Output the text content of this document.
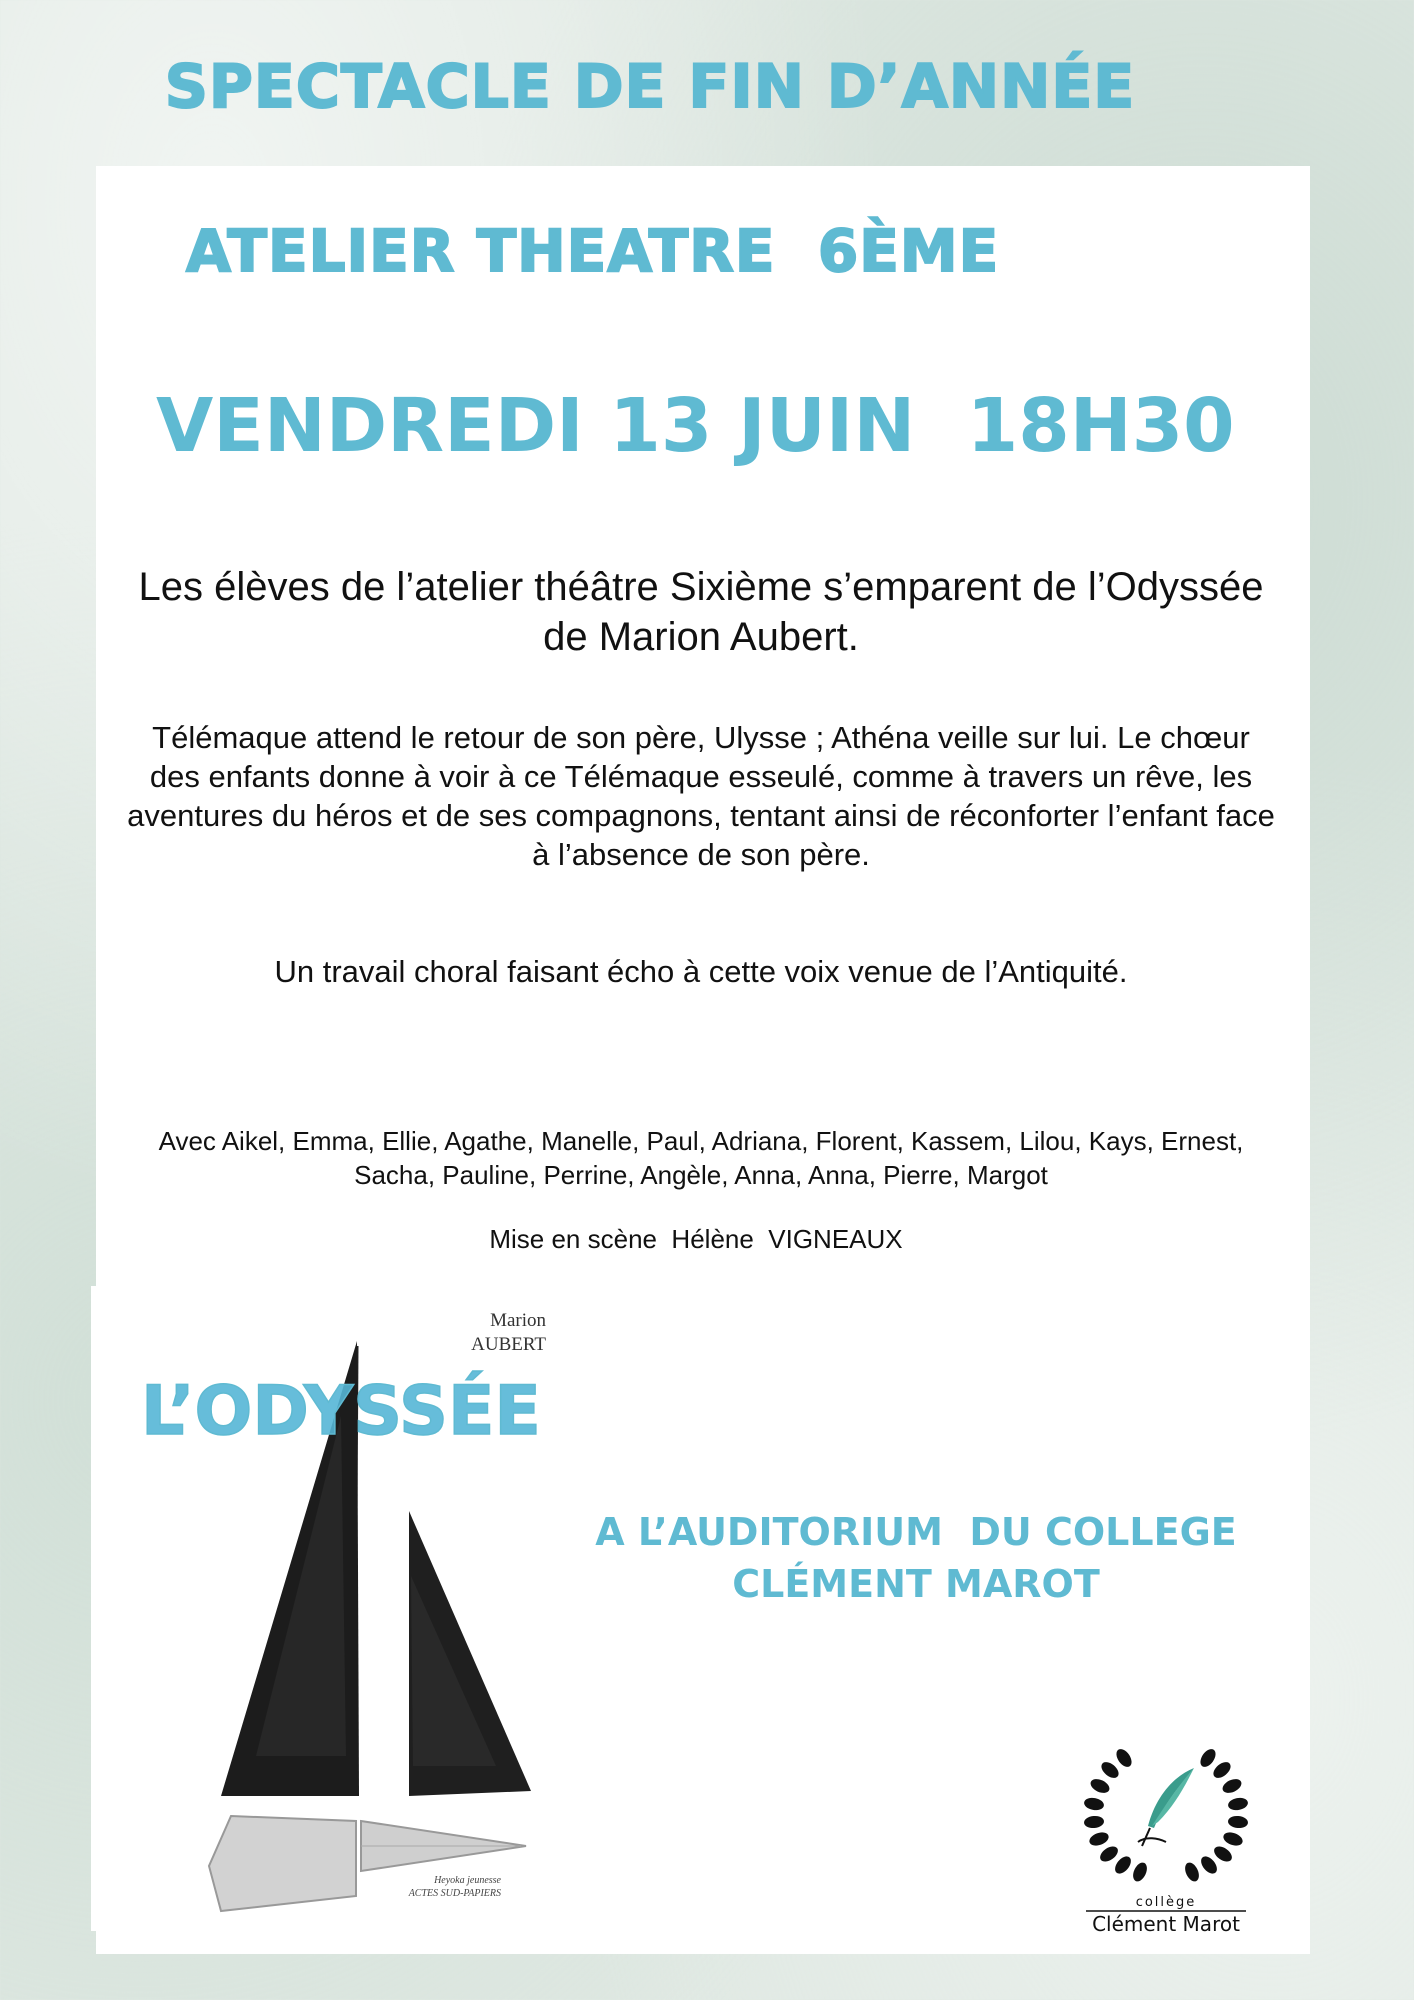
SPECTACLE DE FIN D’ANNÉE
ATELIER THEATRE  6ÈME
VENDREDI 13 JUIN  18H30
Les élèves de l’atelier théâtre Sixième s’emparent de l’Odyssée de Marion Aubert.
Télémaque attend le retour de son père, Ulysse ; Athéna veille sur lui. Le chœur des enfants donne à voir à ce Télémaque esseulé, comme à travers un rêve, les aventures du héros et de ses compagnons, tentant ainsi de réconforter l’enfant face à l’absence de son père.
Un travail choral faisant écho à cette voix venue de l’Antiquité.
Avec Aikel, Emma, Ellie, Agathe, Manelle, Paul, Adriana, Florent, Kassem, Lilou, Kays, Ernest, Sacha, Pauline, Perrine, Angèle, Anna, Anna, Pierre, Margot
Mise en scène  Hélène  VIGNEAUX
Marion
AUBERT
L’ODYSSÉE
Heyoka jeunesse
ACTES SUD-PAPIERS
A L’AUDITORIUM  DU COLLEGE
CLÉMENT MAROT
collège
Clément Marot
